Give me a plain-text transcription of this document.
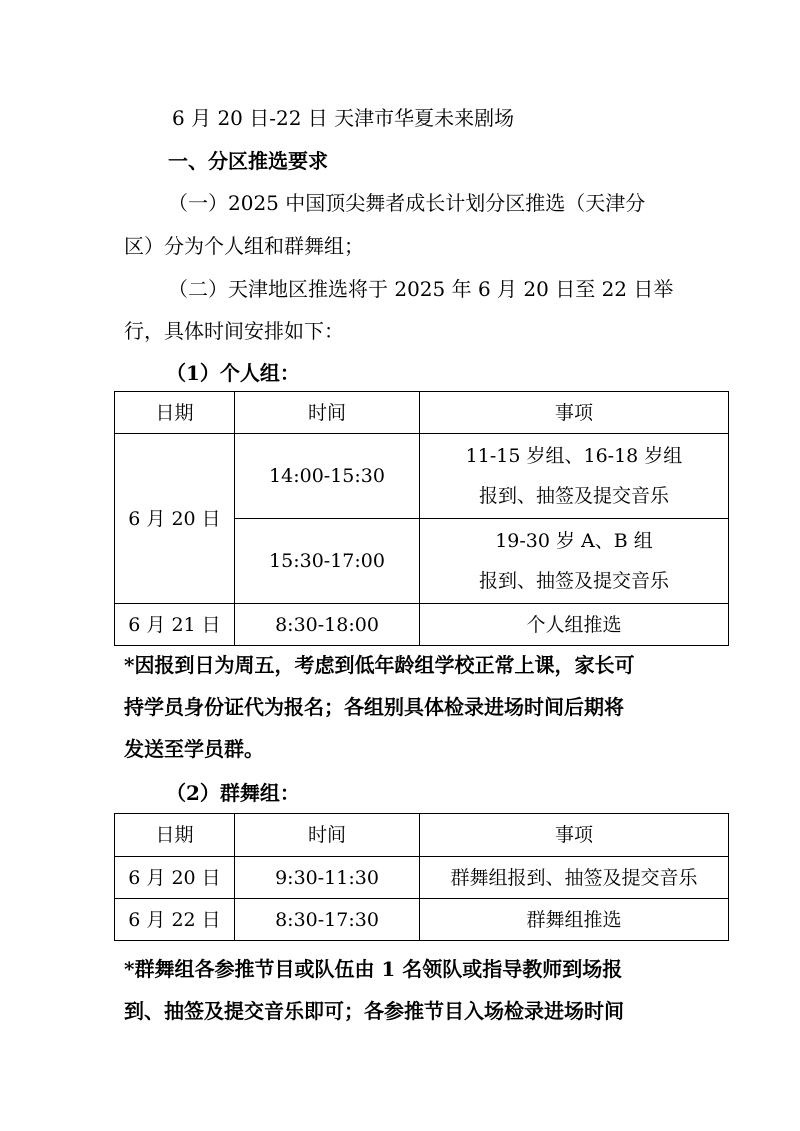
6 月 20 日-22 日 天津市华夏未来剧场
一、分区推选要求
（一）2025 中国顶尖舞者成长计划分区推选（天津分
区）分为个人组和群舞组；
（二）天津地区推选将于 2025 年 6 月 20 日至 22 日举
行，具体时间安排如下：
（1）个人组：
日期	时间	事项
6 月 20 日	14:00-15:30	11-15 岁组、16-18 岁组
报到、抽签及提交音乐

	15:30-17:00	19-30 岁 A、B 组
报到、抽签及提交音乐

6 月 21 日	8:30-18:00	个人组推选
*因报到日为周五，考虑到低年龄组学校正常上课，家长可
持学员身份证代为报名；各组别具体检录进场时间后期将
发送至学员群。
（2）群舞组：
日期	时间	事项
6 月 20 日	9:30-11:30	群舞组报到、抽签及提交音乐
6 月 22 日	8:30-17:30	群舞组推选
*群舞组各参推节目或队伍由 1 名领队或指导教师到场报
到、抽签及提交音乐即可；各参推节目入场检录进场时间
